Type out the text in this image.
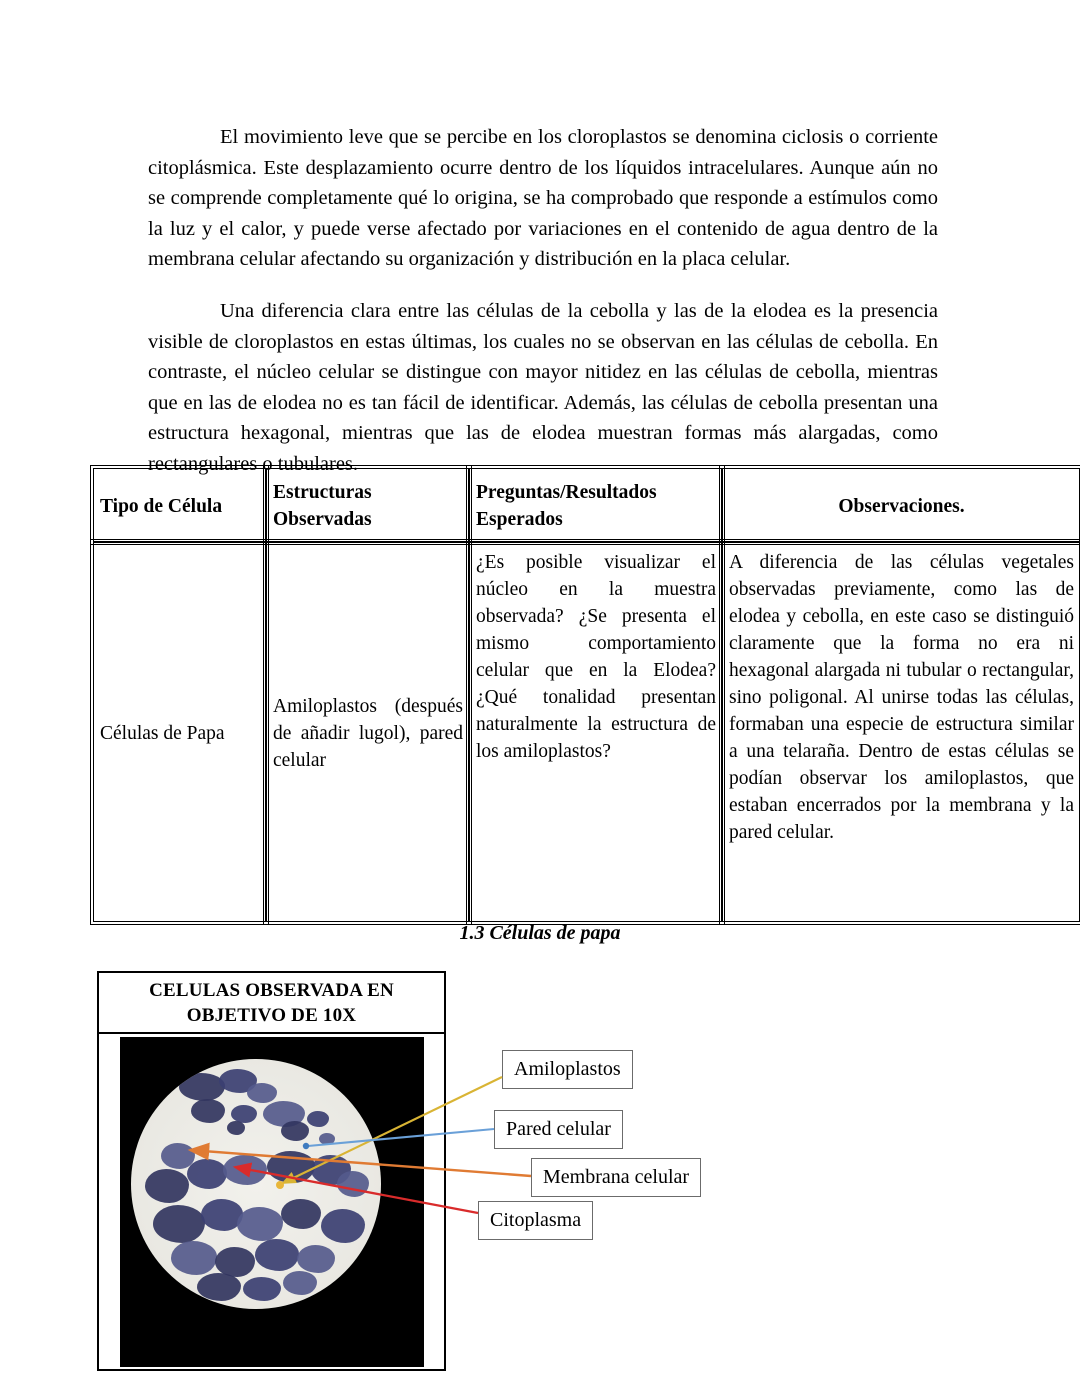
El movimiento leve que se percibe en los cloroplastos se denomina ciclosis o corriente citoplásmica. Este desplazamiento ocurre dentro de los líquidos intracelulares. Aunque aún no se comprende completamente qué lo origina, se ha comprobado que responde a estímulos como la luz y el calor, y puede verse afectado por variaciones en el contenido de agua dentro de la membrana celular afectando su organización y distribución en la placa celular.
Una diferencia clara entre las células de la cebolla y las de la elodea es la presencia visible de cloroplastos en estas últimas, los cuales no se observan en las células de cebolla. En contraste, el núcleo celular se distingue con mayor nitidez en las células de cebolla, mientras que en las de elodea no es tan fácil de identificar. Además, las células de cebolla presentan una estructura hexagonal, mientras que las de elodea muestran formas más alargadas, como rectangulares o tubulares.
Tipo de Célula	Estructuras Observadas	Preguntas/Resultados Esperados	Observaciones.
Células de Papa	Amiloplastos (después de añadir lugol), pared celular	¿Es posible visualizar el núcleo en la muestra observada? ¿Se presenta el mismo comportamiento celular que en la Elodea? ¿Qué tonalidad presentan naturalmente la estructura de los amiloplastos?	A diferencia de las células vegetales observadas previamente, como las de elodea y cebolla, en este caso se distinguió claramente que la forma no era ni hexagonal alargada ni tubular o rectangular, sino poligonal. Al unirse todas las células, formaban una especie de estructura similar a una telaraña. Dentro de estas células se podían observar los amiloplastos, que estaban encerrados por la membrana y la pared celular.
1.3 Células de papa
CELULAS OBSERVADA EN OBJETIVO DE 10X
Amiloplastos
Pared celular
Membrana celular
Citoplasma
